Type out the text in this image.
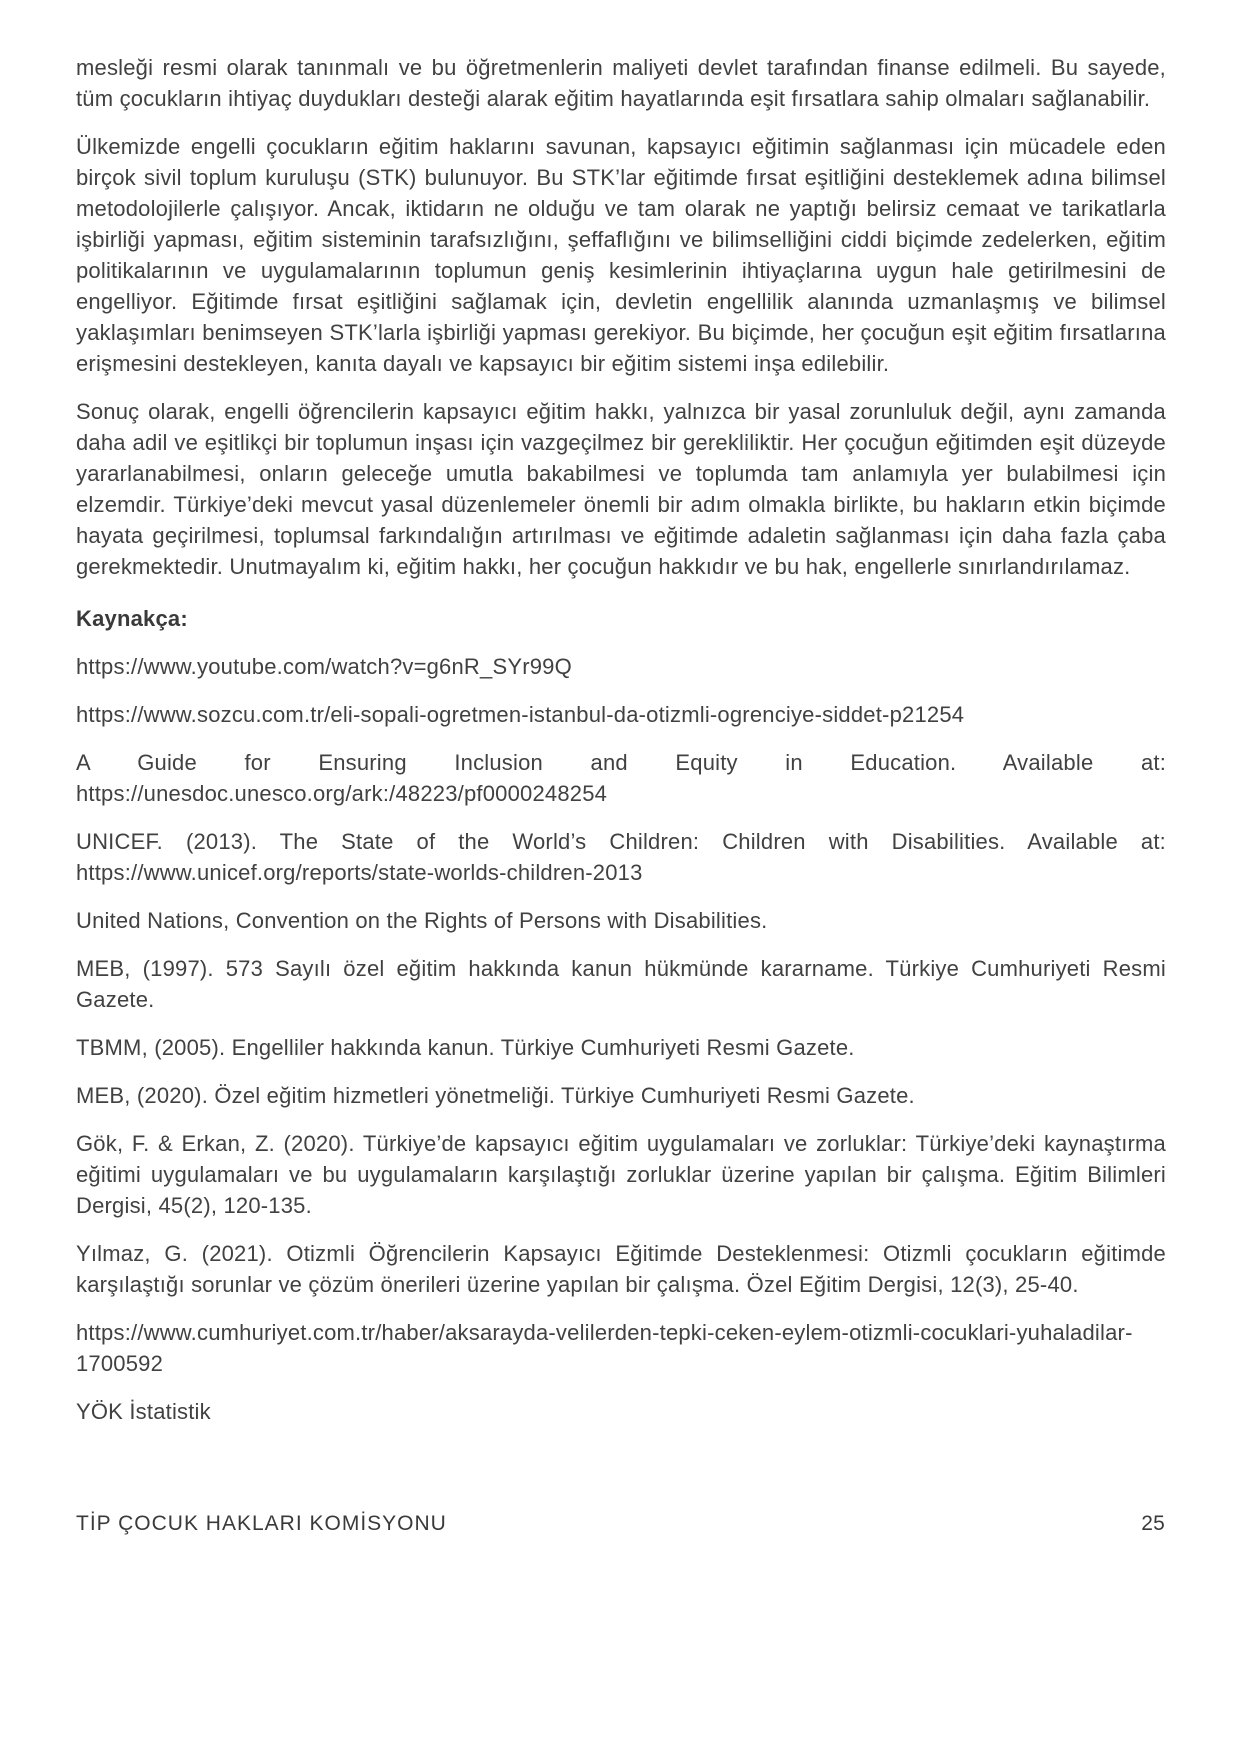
mesleği resmi olarak tanınmalı ve bu öğretmenlerin maliyeti devlet tarafından finanse edilmeli. Bu sayede, tüm çocukların ihtiyaç duydukları desteği alarak eğitim hayatlarında eşit fırsatlara sahip olmaları sağlanabilir.

Ülkemizde engelli çocukların eğitim haklarını savunan, kapsayıcı eğitimin sağlanması için mücadele eden birçok sivil toplum kuruluşu (STK) bulunuyor. Bu STK’lar eğitimde fırsat eşitliğini desteklemek adına bilimsel metodolojilerle çalışıyor. Ancak, iktidarın ne olduğu ve tam olarak ne yaptığı belirsiz cemaat ve tarikatlarla işbirliği yapması, eğitim sisteminin tarafsızlığını, şeffaflığını ve bilimselliğini ciddi biçimde zedelerken, eğitim politikalarının ve uygulamalarının toplumun geniş kesimlerinin ihtiyaçlarına uygun hale getirilmesini de engelliyor. Eğitimde fırsat eşitliğini sağlamak için, devletin engellilik alanında uzmanlaşmış ve bilimsel yaklaşımları benimseyen STK’larla işbirliği yapması gerekiyor. Bu biçimde, her çocuğun eşit eğitim fırsatlarına erişmesini destekleyen, kanıta dayalı ve kapsayıcı bir eğitim sistemi inşa edilebilir.

Sonuç olarak, engelli öğrencilerin kapsayıcı eğitim hakkı, yalnızca bir yasal zorunluluk değil, aynı zamanda daha adil ve eşitlikçi bir toplumun inşası için vazgeçilmez bir gerekliliktir. Her çocuğun eğitimden eşit düzeyde yararlanabilmesi, onların geleceğe umutla bakabilmesi ve toplumda tam anlamıyla yer bulabilmesi için elzemdir. Türkiye’deki mevcut yasal düzenlemeler önemli bir adım olmakla birlikte, bu hakların etkin biçimde hayata geçirilmesi, toplumsal farkındalığın artırılması ve eğitimde adaletin sağlanması için daha fazla çaba gerekmektedir. Unutmayalım ki, eğitim hakkı, her çocuğun hakkıdır ve bu hak, engellerle sınırlandırılamaz.

Kaynakça:

https://www.youtube.com/watch?v=g6nR_SYr99Q

https://www.sozcu.com.tr/eli-sopali-ogretmen-istanbul-da-otizmli-ogrenciye-siddet-p21254

A Guide for Ensuring Inclusion and Equity in Education. Available at: https://unesdoc.unesco.org/ark:/48223/pf0000248254

UNICEF. (2013). The State of the World’s Children: Children with Disabilities. Available at: https://www.unicef.org/reports/state-worlds-children-2013

United Nations, Convention on the Rights of Persons with Disabilities.

MEB, (1997). 573 Sayılı özel eğitim hakkında kanun hükmünde kararname. Türkiye Cumhuriyeti Resmi Gazete.

TBMM, (2005). Engelliler hakkında kanun. Türkiye Cumhuriyeti Resmi Gazete.

MEB, (2020). Özel eğitim hizmetleri yönetmeliği. Türkiye Cumhuriyeti Resmi Gazete.

Gök, F. & Erkan, Z. (2020). Türkiye’de kapsayıcı eğitim uygulamaları ve zorluklar: Türkiye’deki kaynaştırma eğitimi uygulamaları ve bu uygulamaların karşılaştığı zorluklar üzerine yapılan bir çalışma. Eğitim Bilimleri Dergisi, 45(2), 120-135.

Yılmaz, G. (2021). Otizmli Öğrencilerin Kapsayıcı Eğitimde Desteklenmesi: Otizmli çocukların eğitimde karşılaştığı sorunlar ve çözüm önerileri üzerine yapılan bir çalışma. Özel Eğitim Dergisi, 12(3), 25-40.

https://www.cumhuriyet.com.tr/haber/aksarayda-velilerden-tepki-ceken-eylem-otizmli-cocuklari-yuhaladilar-1700592

YÖK İstatistik

TİP ÇOCUK HAKLARI KOMİSYONU	25
